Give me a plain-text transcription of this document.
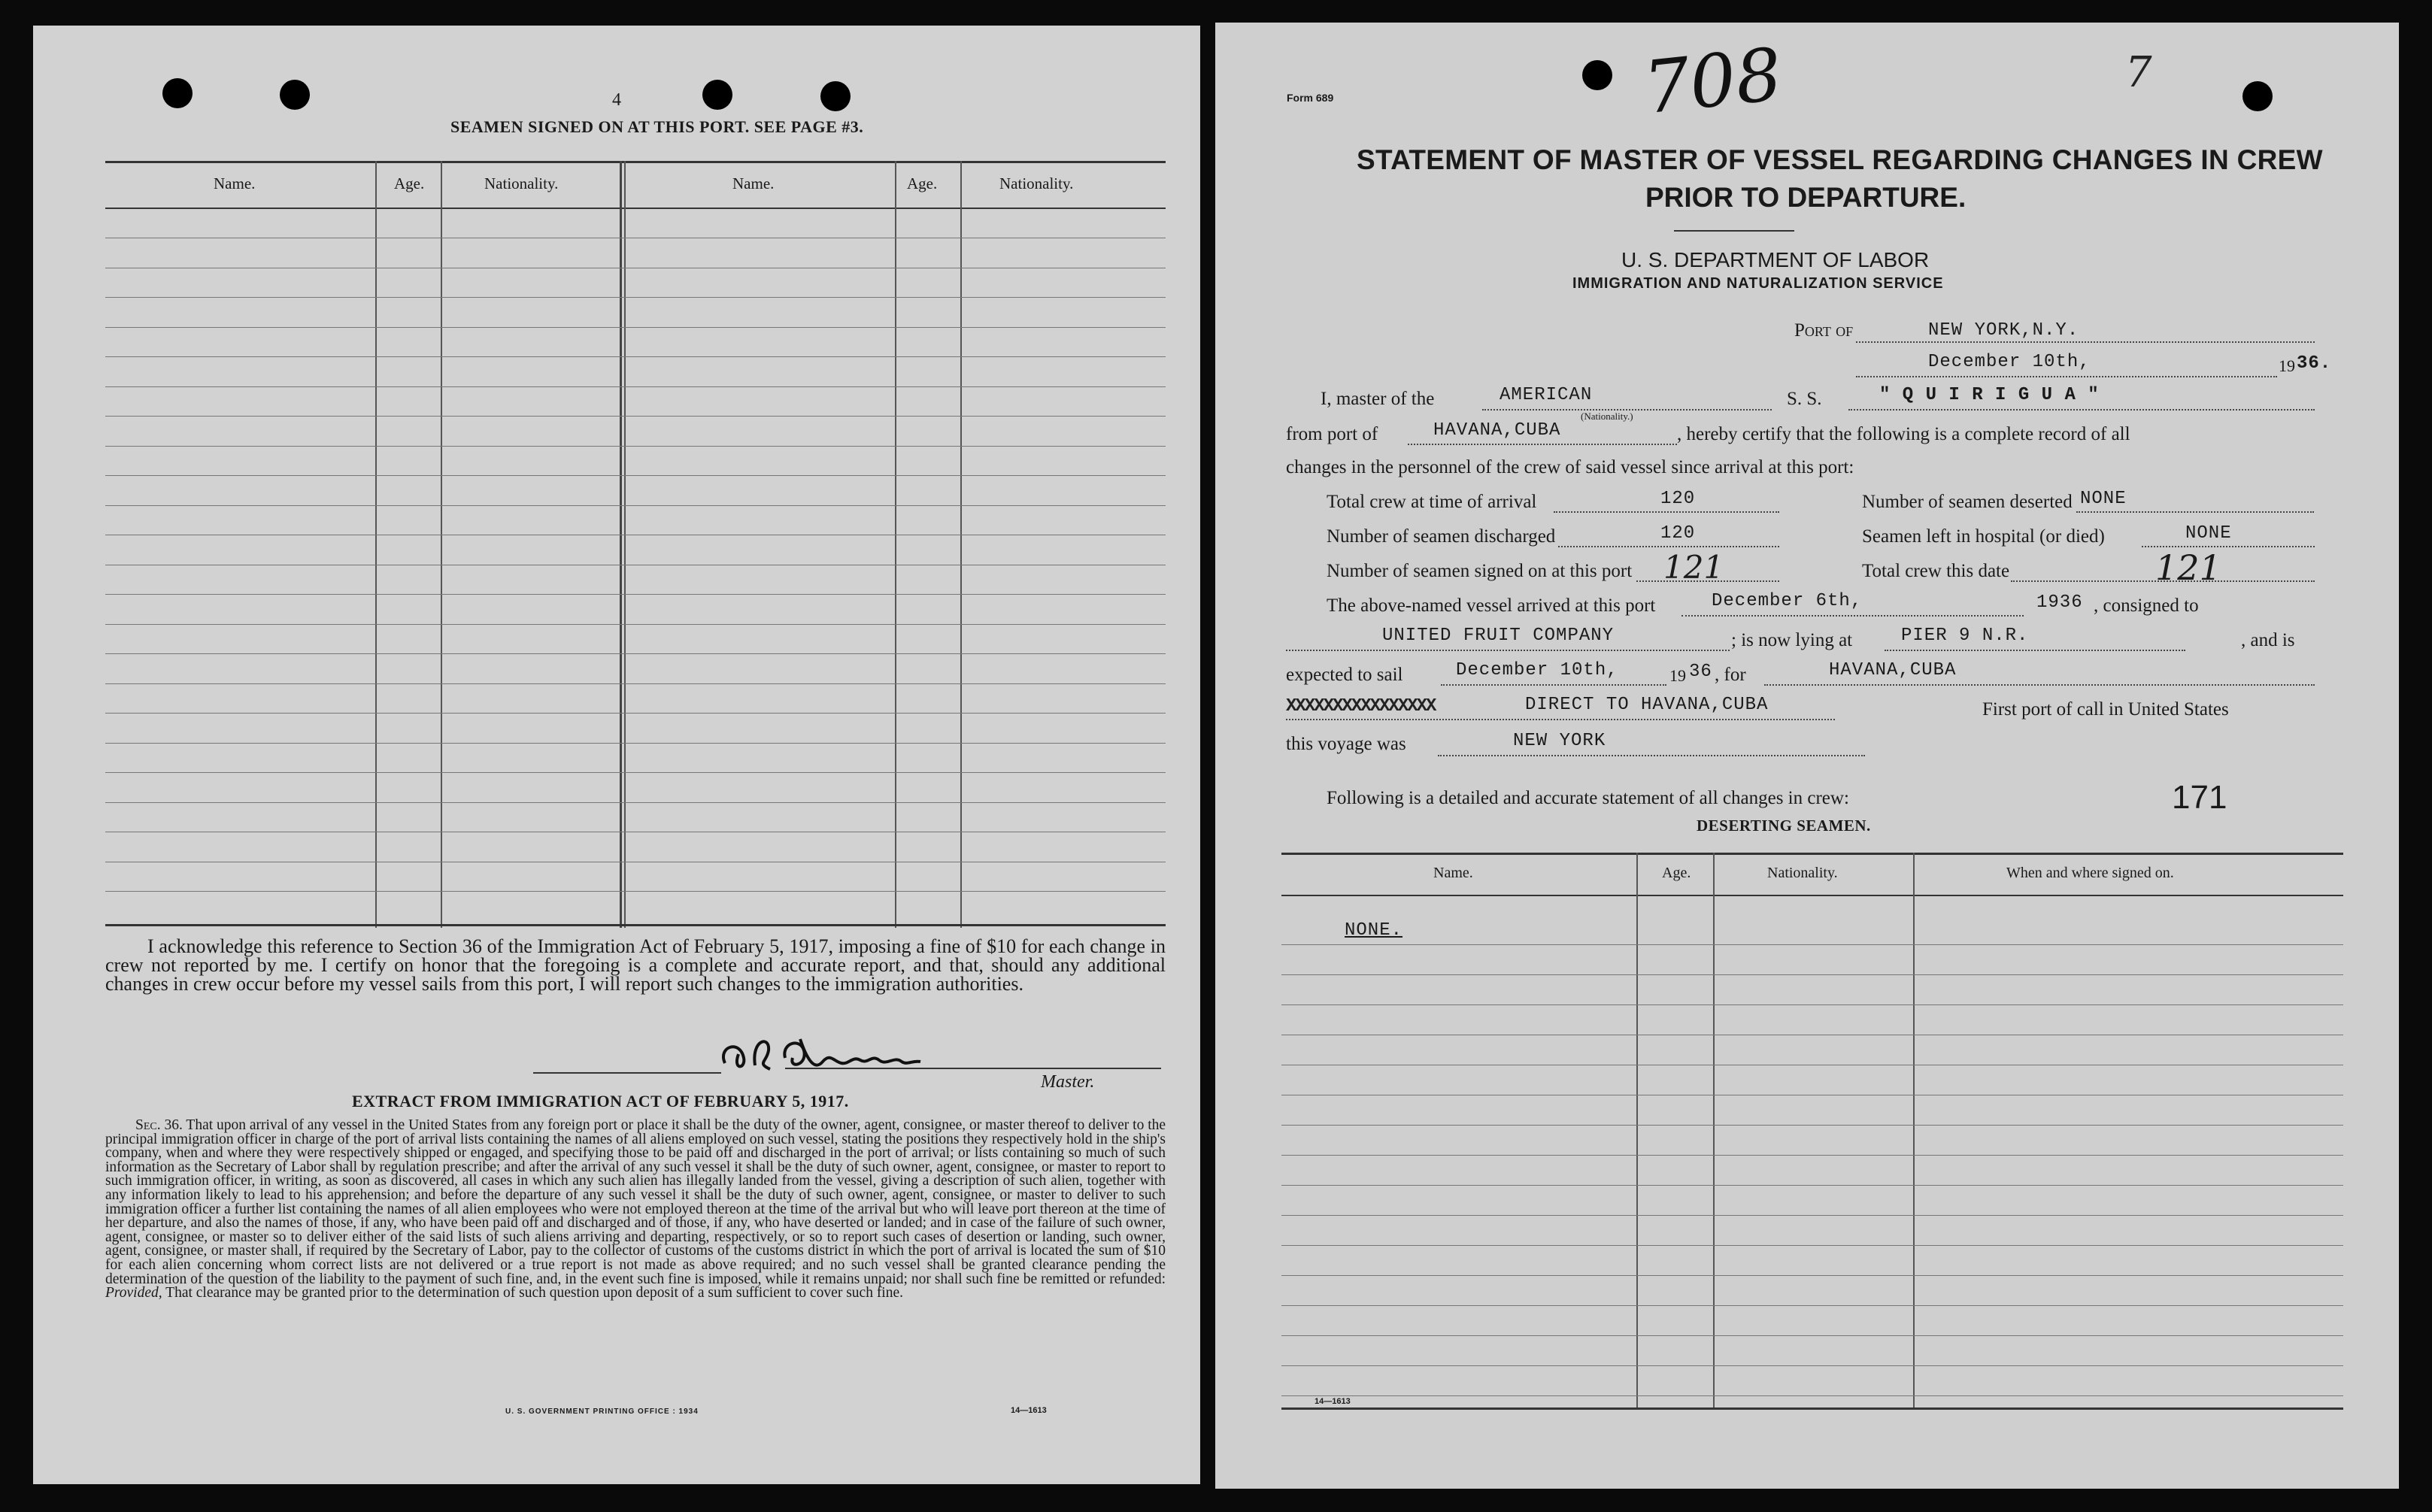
4
SEAMEN SIGNED ON AT THIS PORT. SEE PAGE #3.
Name.	Age.	Nationality.	Name.	Age.	Nationality.

I acknowledge this reference to Section 36 of the Immigration Act of February 5, 1917, imposing a fine of $10 for each change in crew not reported by me. I certify on honor that the foregoing is a complete and accurate report, and that, should any additional changes in crew occur before my vessel sails from this port, I will report such changes to the immigration authorities.

Master.
EXTRACT FROM IMMIGRATION ACT OF FEBRUARY 5, 1917.
Sec. 36. That upon arrival of any vessel in the United States from any foreign port or place it shall be the duty of the owner, agent, consignee, or master thereof to deliver to the principal immigration officer in charge of the port of arrival lists containing the names of all aliens employed on such vessel, stating the positions they respectively hold in the ship's company, when and where they were respectively shipped or engaged, and specifying those to be paid off and discharged in the port of arrival; or lists containing so much of such information as the Secretary of Labor shall by regulation prescribe; and after the arrival of any such vessel it shall be the duty of such owner, agent, consignee, or master to report to such immigration officer, in writing, as soon as discovered, all cases in which any such alien has illegally landed from the vessel, giving a description of such alien, together with any information likely to lead to his apprehension; and before the departure of any such vessel it shall be the duty of such owner, agent, consignee, or master to deliver to such immigration officer a further list containing the names of all alien employees who were not employed thereon at the time of the arrival but who will leave port thereon at the time of her departure, and also the names of those, if any, who have been paid off and discharged and of those, if any, who have deserted or landed; and in case of the failure of such owner, agent, consignee, or master so to deliver either of the said lists of such aliens arriving and departing, respectively, or so to report such cases of desertion or landing, such owner, agent, consignee, or master shall, if required by the Secretary of Labor, pay to the collector of customs of the customs district in which the port of arrival is located the sum of $10 for each alien concerning whom correct lists are not delivered or a true report is not made as above required; and no such vessel shall be granted clearance pending the determination of the question of the liability to the payment of such fine, and, in the event such fine is imposed, while it remains unpaid; nor shall such fine be remitted or refunded: Provided, That clearance may be granted prior to the determination of such question upon deposit of a sum sufficient to cover such fine.
U. S. GOVERNMENT PRINTING OFFICE : 1934	14—1613
708	7
Form 689
STATEMENT OF MASTER OF VESSEL REGARDING CHANGES IN CREW
PRIOR TO DEPARTURE.
U. S. DEPARTMENT OF LABOR
IMMIGRATION AND NATURALIZATION SERVICE
Port of	NEW YORK,N.Y.
December 10th,	19 36.
I, master of the	AMERICAN
(Nationality.)
S. S.	" Q U I R I G U A "
from port of	HAVANA,CUBA	, hereby certify that the following is a complete record of all
changes in the personnel of the crew of said vessel since arrival at this port:
Total crew at time of arrival	120	Number of seamen deserted NONE
Number of seamen discharged	120	Seamen left in hospital (or died)	NONE
Number of seamen signed on at this port 121	Total crew this date	121
The above-named vessel arrived at this port	December 6th,	1936 , consigned to
UNITED FRUIT COMPANY	; is now lying at	PIER 9 N.R.	, and is
expected to sail	December 10th,	19 36 , for	HAVANA,CUBA
XXXXXXXXXXXXXXXX	DIRECT TO HAVANA,CUBA	First port of call in United States
this voyage was	NEW YORK
Following is a detailed and accurate statement of all changes in crew:	171
DESERTING SEAMEN.
Name.	Age.	Nationality.	When and where signed on.
NONE.
14—1613
